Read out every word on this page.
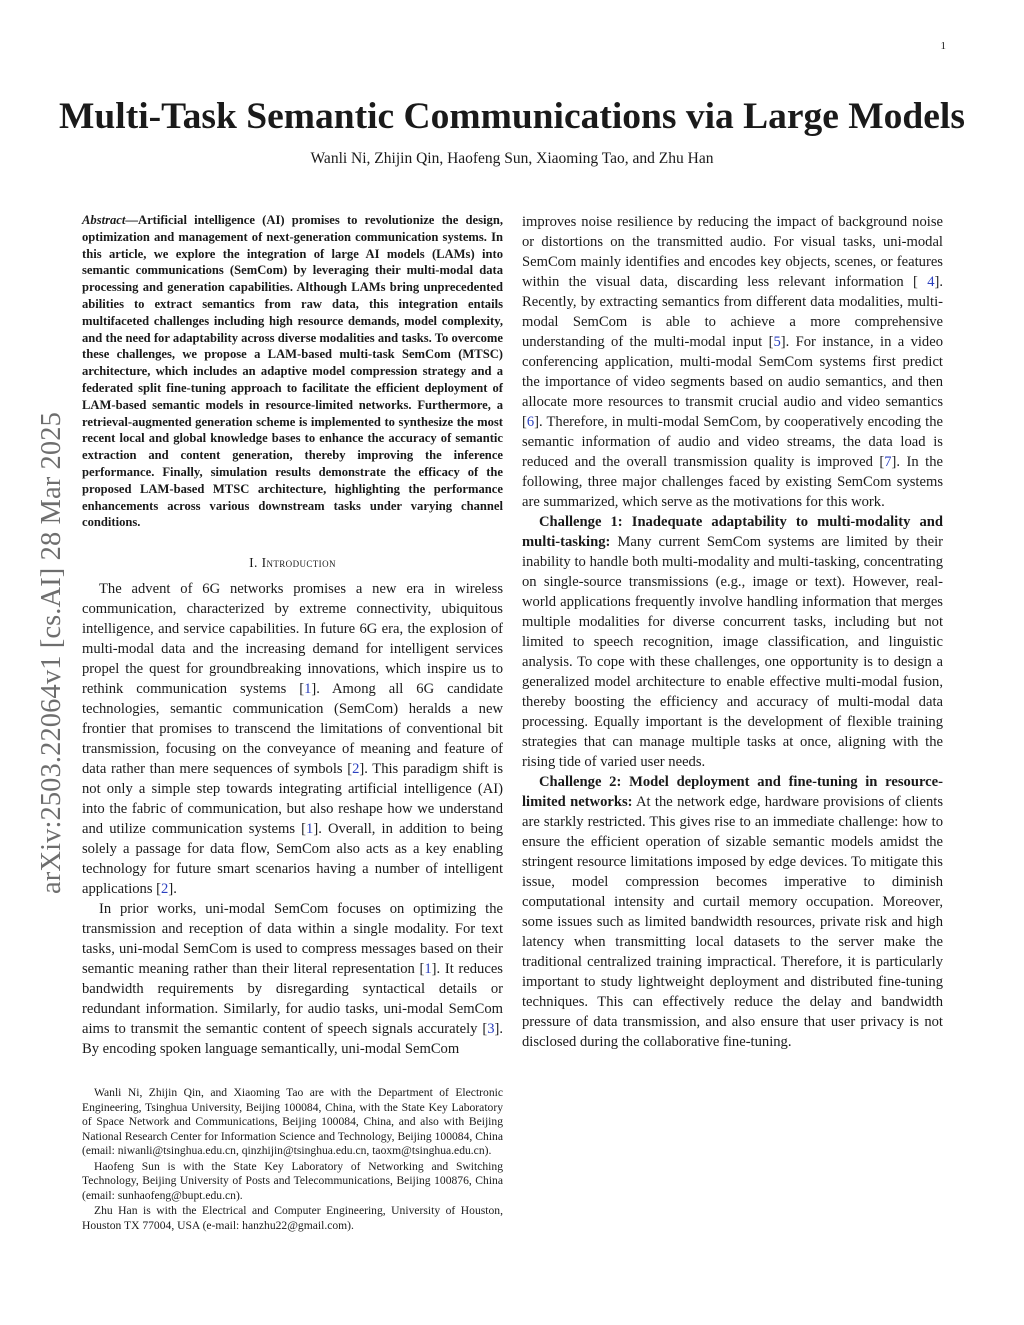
1
arXiv:2503.22064v1 [cs.AI] 28 Mar 2025
Multi-Task Semantic Communications via Large Models
Wanli Ni, Zhijin Qin, Haofeng Sun, Xiaoming Tao, and Zhu Han

Abstract—Artificial intelligence (AI) promises to revolutionize the design, optimization and management of next-generation communication systems. In this article, we explore the integration of large AI models (LAMs) into semantic communications (SemCom) by leveraging their multi-modal data processing and generation capabilities. Although LAMs bring unprecedented abilities to extract semantics from raw data, this integration entails multifaceted challenges including high resource demands, model complexity, and the need for adaptability across diverse modalities and tasks. To overcome these challenges, we propose a LAM-based multi-task SemCom (MTSC) architecture, which includes an adaptive model compression strategy and a federated split fine-tuning approach to facilitate the efficient deployment of LAM-based semantic models in resource-limited networks. Furthermore, a retrieval-augmented generation scheme is implemented to synthesize the most recent local and global knowledge bases to enhance the accuracy of semantic extraction and content generation, thereby improving the inference performance. Finally, simulation results demonstrate the efficacy of the proposed LAM-based MTSC architecture, highlighting the performance enhancements across various downstream tasks under varying channel conditions.

I. Introduction

The advent of 6G networks promises a new era in wireless communication, characterized by extreme connectivity, ubiquitous intelligence, and service capabilities. In future 6G era, the explosion of multi-modal data and the increasing demand for intelligent services propel the quest for groundbreaking innovations, which inspire us to rethink communication systems [1]. Among all 6G candidate technologies, semantic communication (SemCom) heralds a new frontier that promises to transcend the limitations of conventional bit transmission, focusing on the conveyance of meaning and feature of data rather than mere sequences of symbols [2]. This paradigm shift is not only a simple step towards integrating artificial intelligence (AI) into the fabric of communication, but also reshape how we understand and utilize communication systems [1]. Overall, in addition to being solely a passage for data flow, SemCom also acts as a key enabling technology for future smart scenarios having a number of intelligent applications [2].

In prior works, uni-modal SemCom focuses on optimizing the transmission and reception of data within a single modality. For text tasks, uni-modal SemCom is used to compress messages based on their semantic meaning rather than their literal representation [1]. It reduces bandwidth requirements by disregarding syntactical details or redundant information. Similarly, for audio tasks, uni-modal SemCom aims to transmit the semantic content of speech signals accurately [3]. By encoding spoken language semantically, uni-modal SemCom

improves noise resilience by reducing the impact of background noise or distortions on the transmitted audio. For visual tasks, uni-modal SemCom mainly identifies and encodes key objects, scenes, or features within the visual data, discarding less relevant information [ 4]. Recently, by extracting semantics from different data modalities, multi-modal SemCom is able to achieve a more comprehensive understanding of the multi-modal input [5]. For instance, in a video conferencing application, multi-modal SemCom systems first predict the importance of video segments based on audio semantics, and then allocate more resources to transmit crucial audio and video semantics [6]. Therefore, in multi-modal SemCom, by cooperatively encoding the semantic information of audio and video streams, the data load is reduced and the overall transmission quality is improved [7]. In the following, three major challenges faced by existing SemCom systems are summarized, which serve as the motivations for this work.

Challenge 1: Inadequate adaptability to multi-modality and multi-tasking: Many current SemCom systems are limited by their inability to handle both multi-modality and multi-tasking, concentrating on single-source transmissions (e.g., image or text). However, real-world applications frequently involve handling information that merges multiple modalities for diverse concurrent tasks, including but not limited to speech recognition, image classification, and linguistic analysis. To cope with these challenges, one opportunity is to design a generalized model architecture to enable effective multi-modal fusion, thereby boosting the efficiency and accuracy of multi-modal data processing. Equally important is the development of flexible training strategies that can manage multiple tasks at once, aligning with the rising tide of varied user needs.

Challenge 2: Model deployment and fine-tuning in resource-limited networks: At the network edge, hardware provisions of clients are starkly restricted. This gives rise to an immediate challenge: how to ensure the efficient operation of sizable semantic models amidst the stringent resource limitations imposed by edge devices. To mitigate this issue, model compression becomes imperative to diminish computational intensity and curtail memory occupation. Moreover, some issues such as limited bandwidth resources, private risk and high latency when transmitting local datasets to the server make the traditional centralized training impractical. Therefore, it is particularly important to study lightweight deployment and distributed fine-tuning techniques. This can effectively reduce the delay and bandwidth pressure of data transmission, and also ensure that user privacy is not disclosed during the collaborative fine-tuning.

Wanli Ni, Zhijin Qin, and Xiaoming Tao are with the Department of Electronic Engineering, Tsinghua University, Beijing 100084, China, with the State Key Laboratory of Space Network and Communications, Beijing 100084, China, and also with Beijing National Research Center for Information Science and Technology, Beijing 100084, China (email: niwanli@tsinghua.edu.cn, qinzhijin@tsinghua.edu.cn, taoxm@tsinghua.edu.cn).

Haofeng Sun is with the State Key Laboratory of Networking and Switching Technology, Beijing University of Posts and Telecommunications, Beijing 100876, China (email: sunhaofeng@bupt.edu.cn).

Zhu Han is with the Electrical and Computer Engineering, University of Houston, Houston TX 77004, USA (e-mail: hanzhu22@gmail.com).
